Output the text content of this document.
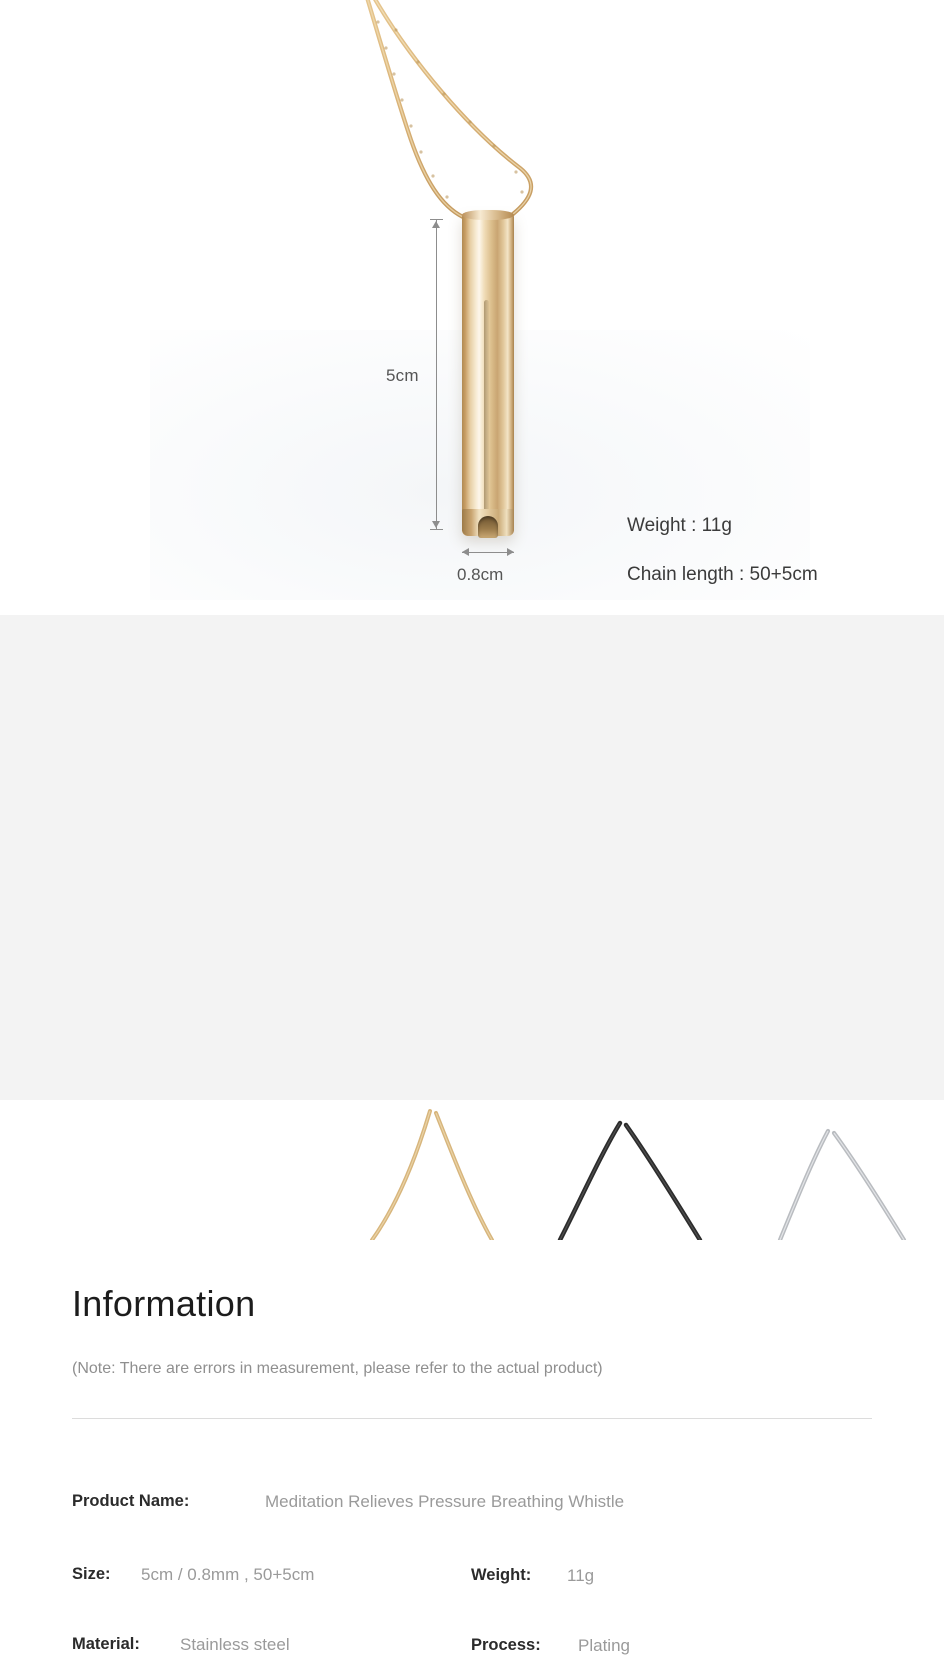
5cm
0.8cm
Weight : 11g
Chain length : 50+5cm
Information
(Note: There are errors in measurement, please refer to the actual product)
Product Name:	Meditation Relieves Pressure Breathing Whistle
Size: 5cm / 0.8mm , 50+5cm	Weight: 11g
Material: Stainless steel	Process: Plating
